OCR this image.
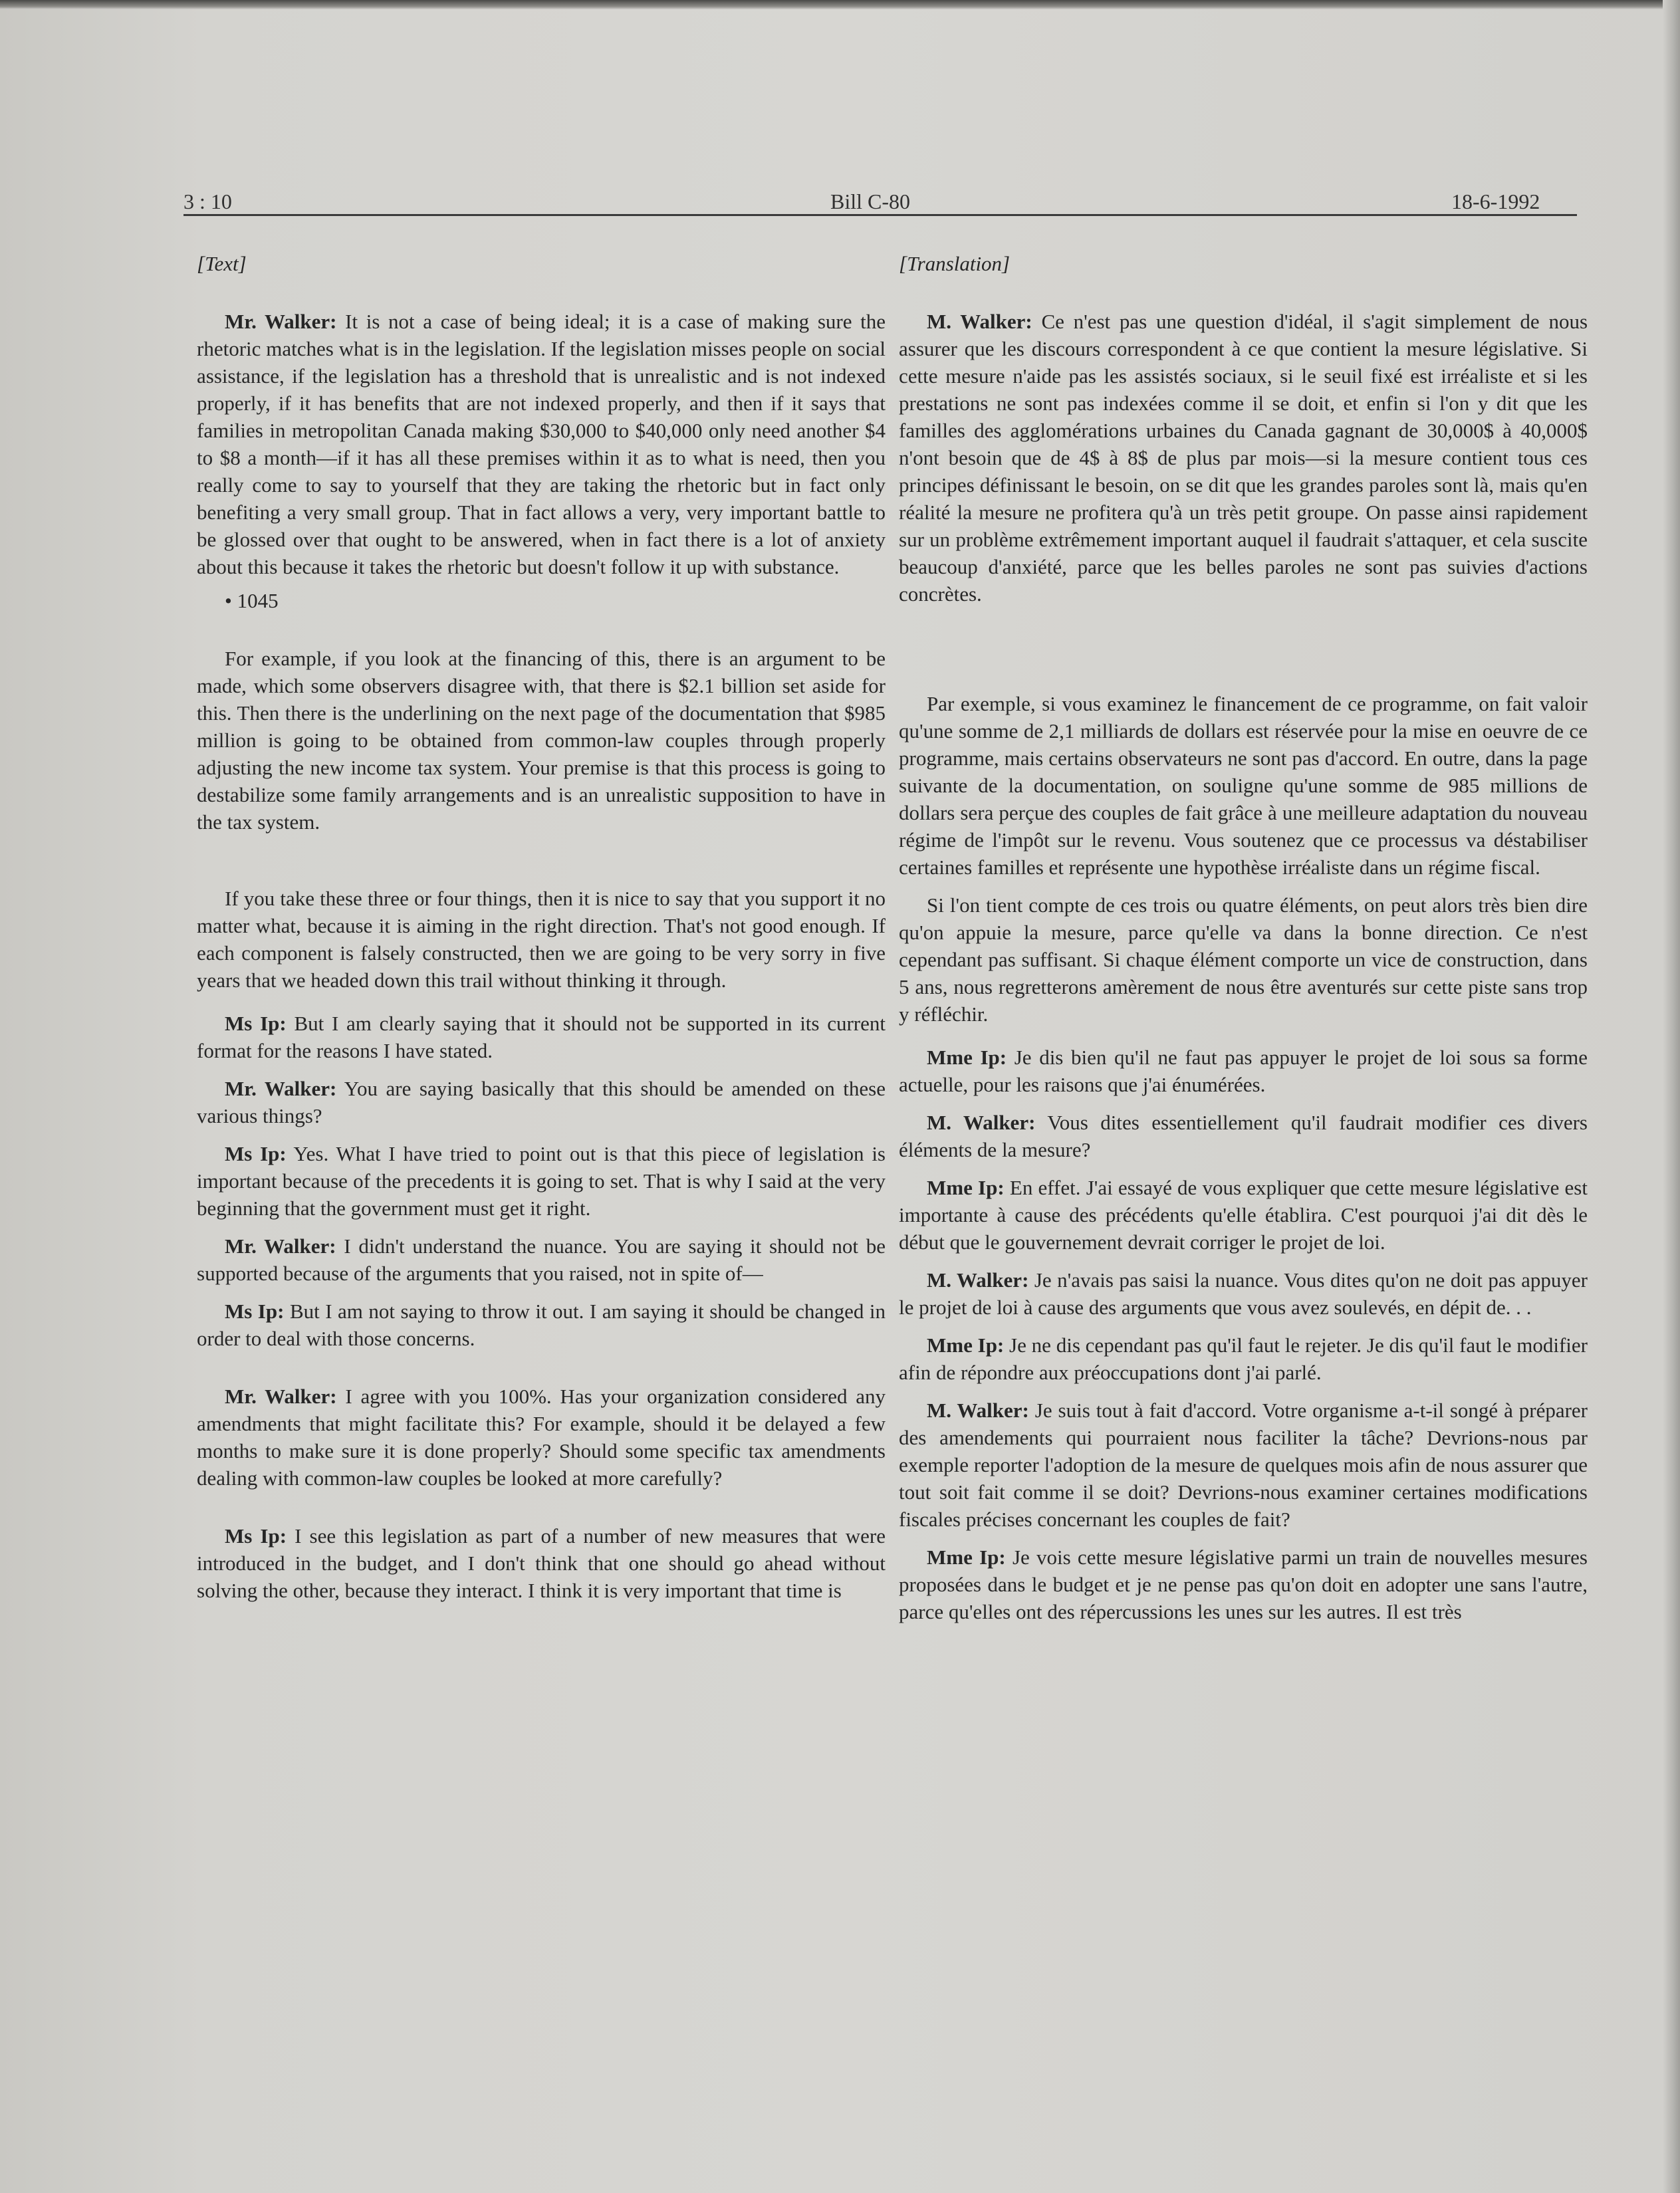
3 : 10	Bill C-80	18-6-1992
[Text]

Mr. Walker: It is not a case of being ideal; it is a case of making sure the rhetoric matches what is in the legislation. If the legislation misses people on social assistance, if the legislation has a threshold that is unrealistic and is not indexed properly, if it has benefits that are not indexed properly, and then if it says that families in metropolitan Canada making $30,000 to $40,000 only need another $4 to $8 a month—if it has all these premises within it as to what is need, then you really come to say to yourself that they are taking the rhetoric but in fact only benefiting a very small group. That in fact allows a very, very important battle to be glossed over that ought to be answered, when in fact there is a lot of anxiety about this because it takes the rhetoric but doesn't follow it up with substance.

• 1045

For example, if you look at the financing of this, there is an argument to be made, which some observers disagree with, that there is $2.1 billion set aside for this. Then there is the underlining on the next page of the documentation that $985 million is going to be obtained from common-law couples through properly adjusting the new income tax system. Your premise is that this process is going to destabilize some family arrangements and is an unrealistic supposition to have in the tax system.

If you take these three or four things, then it is nice to say that you support it no matter what, because it is aiming in the right direction. That's not good enough. If each component is falsely constructed, then we are going to be very sorry in five years that we headed down this trail without thinking it through.

Ms Ip: But I am clearly saying that it should not be supported in its current format for the reasons I have stated.

Mr. Walker: You are saying basically that this should be amended on these various things?

Ms Ip: Yes. What I have tried to point out is that this piece of legislation is important because of the precedents it is going to set. That is why I said at the very beginning that the government must get it right.

Mr. Walker: I didn't understand the nuance. You are saying it should not be supported because of the arguments that you raised, not in spite of—

Ms Ip: But I am not saying to throw it out. I am saying it should be changed in order to deal with those concerns.

Mr. Walker: I agree with you 100%. Has your organization considered any amendments that might facilitate this? For example, should it be delayed a few months to make sure it is done properly? Should some specific tax amendments dealing with common-law couples be looked at more carefully?

Ms Ip: I see this legislation as part of a number of new measures that were introduced in the budget, and I don't think that one should go ahead without solving the other, because they interact. I think it is very important that time is

[Translation]

M. Walker: Ce n'est pas une question d'idéal, il s'agit simplement de nous assurer que les discours correspondent à ce que contient la mesure législative. Si cette mesure n'aide pas les assistés sociaux, si le seuil fixé est irréaliste et si les prestations ne sont pas indexées comme il se doit, et enfin si l'on y dit que les familles des agglomérations urbaines du Canada gagnant de 30,000$ à 40,000$ n'ont besoin que de 4$ à 8$ de plus par mois—si la mesure contient tous ces principes définissant le besoin, on se dit que les grandes paroles sont là, mais qu'en réalité la mesure ne profitera qu'à un très petit groupe. On passe ainsi rapidement sur un problème extrêmement important auquel il faudrait s'attaquer, et cela suscite beaucoup d'anxiété, parce que les belles paroles ne sont pas suivies d'actions concrètes.

Par exemple, si vous examinez le financement de ce programme, on fait valoir qu'une somme de 2,1 milliards de dollars est réservée pour la mise en oeuvre de ce programme, mais certains observateurs ne sont pas d'accord. En outre, dans la page suivante de la documentation, on souligne qu'une somme de 985 millions de dollars sera perçue des couples de fait grâce à une meilleure adaptation du nouveau régime de l'impôt sur le revenu. Vous soutenez que ce processus va déstabiliser certaines familles et représente une hypothèse irréaliste dans un régime fiscal.

Si l'on tient compte de ces trois ou quatre éléments, on peut alors très bien dire qu'on appuie la mesure, parce qu'elle va dans la bonne direction. Ce n'est cependant pas suffisant. Si chaque élément comporte un vice de construction, dans 5 ans, nous regretterons amèrement de nous être aventurés sur cette piste sans trop y réfléchir.

Mme Ip: Je dis bien qu'il ne faut pas appuyer le projet de loi sous sa forme actuelle, pour les raisons que j'ai énumérées.

M. Walker: Vous dites essentiellement qu'il faudrait modifier ces divers éléments de la mesure?

Mme Ip: En effet. J'ai essayé de vous expliquer que cette mesure législative est importante à cause des précédents qu'elle établira. C'est pourquoi j'ai dit dès le début que le gouvernement devrait corriger le projet de loi.

M. Walker: Je n'avais pas saisi la nuance. Vous dites qu'on ne doit pas appuyer le projet de loi à cause des arguments que vous avez soulevés, en dépit de. . .

Mme Ip: Je ne dis cependant pas qu'il faut le rejeter. Je dis qu'il faut le modifier afin de répondre aux préoccupations dont j'ai parlé.

M. Walker: Je suis tout à fait d'accord. Votre organisme a-t-il songé à préparer des amendements qui pourraient nous faciliter la tâche? Devrions-nous par exemple reporter l'adoption de la mesure de quelques mois afin de nous assurer que tout soit fait comme il se doit? Devrions-nous examiner certaines modifications fiscales précises concernant les couples de fait?

Mme Ip: Je vois cette mesure législative parmi un train de nouvelles mesures proposées dans le budget et je ne pense pas qu'on doit en adopter une sans l'autre, parce qu'elles ont des répercussions les unes sur les autres. Il est très
